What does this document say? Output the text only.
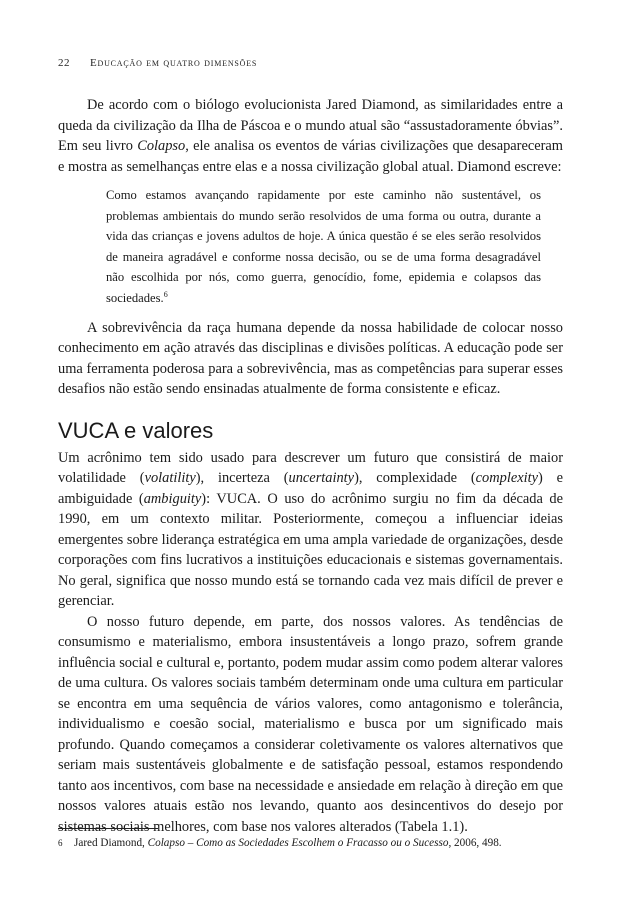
22 Educação em quatro dimensões

De acordo com o biólogo evolucionista Jared Diamond, as similaridades entre a queda da civilização da Ilha de Páscoa e o mundo atual são “assustadoramente óbvias”. Em seu livro Colapso, ele analisa os eventos de várias civilizações que desapareceram e mostra as semelhanças entre elas e a nossa civilização global atual. Diamond escreve:

Como estamos avançando rapidamente por este caminho não sustentável, os problemas ambientais do mundo serão resolvidos de uma forma ou outra, durante a vida das crianças e jovens adultos de hoje. A única questão é se eles serão resolvidos de maneira agradável e conforme nossa decisão, ou se de uma forma desagradável não escolhida por nós, como guerra, genocídio, fome, epidemia e colapsos das sociedades.$^6$

A sobrevivência da raça humana depende da nossa habilidade de colocar nosso conhecimento em ação através das disciplinas e divisões políticas. A educação pode ser uma ferramenta poderosa para a sobrevivência, mas as competências para superar esses desafios não estão sendo ensinadas atualmente de forma consistente e eficaz.

VUCA e valores

Um acrônimo tem sido usado para descrever um futuro que consistirá de maior volatilidade (volatility), incerteza (uncertainty), complexidade (complexity) e ambiguidade (ambiguity): VUCA. O uso do acrônimo surgiu no fim da década de 1990, em um contexto militar. Posteriormente, começou a influenciar ideias emergentes sobre liderança estratégica em uma ampla variedade de organizações, desde corporações com fins lucrativos a instituições educacionais e sistemas governamentais. No geral, significa que nosso mundo está se tornando cada vez mais difícil de prever e gerenciar.

O nosso futuro depende, em parte, dos nossos valores. As tendências de consumismo e materialismo, embora insustentáveis a longo prazo, sofrem grande influência social e cultural e, portanto, podem mudar assim como podem alterar valores de uma cultura. Os valores sociais também determinam onde uma cultura em particular se encontra em uma sequência de vários valores, como antagonismo e tolerância, individualismo e coesão social, materialismo e busca por um significado mais profundo. Quando começamos a considerar coletivamente os valores alternativos que seriam mais sustentáveis globalmente e de satisfação pessoal, estamos respondendo tanto aos incentivos, com base na necessidade e ansiedade em relação à direção em que nossos valores atuais estão nos levando, quanto aos desincentivos do desejo por sistemas sociais melhores, com base nos valores alterados (Tabela 1.1).

6 Jared Diamond, Colapso – Como as Sociedades Escolhem o Fracasso ou o Sucesso, 2006, 498.
